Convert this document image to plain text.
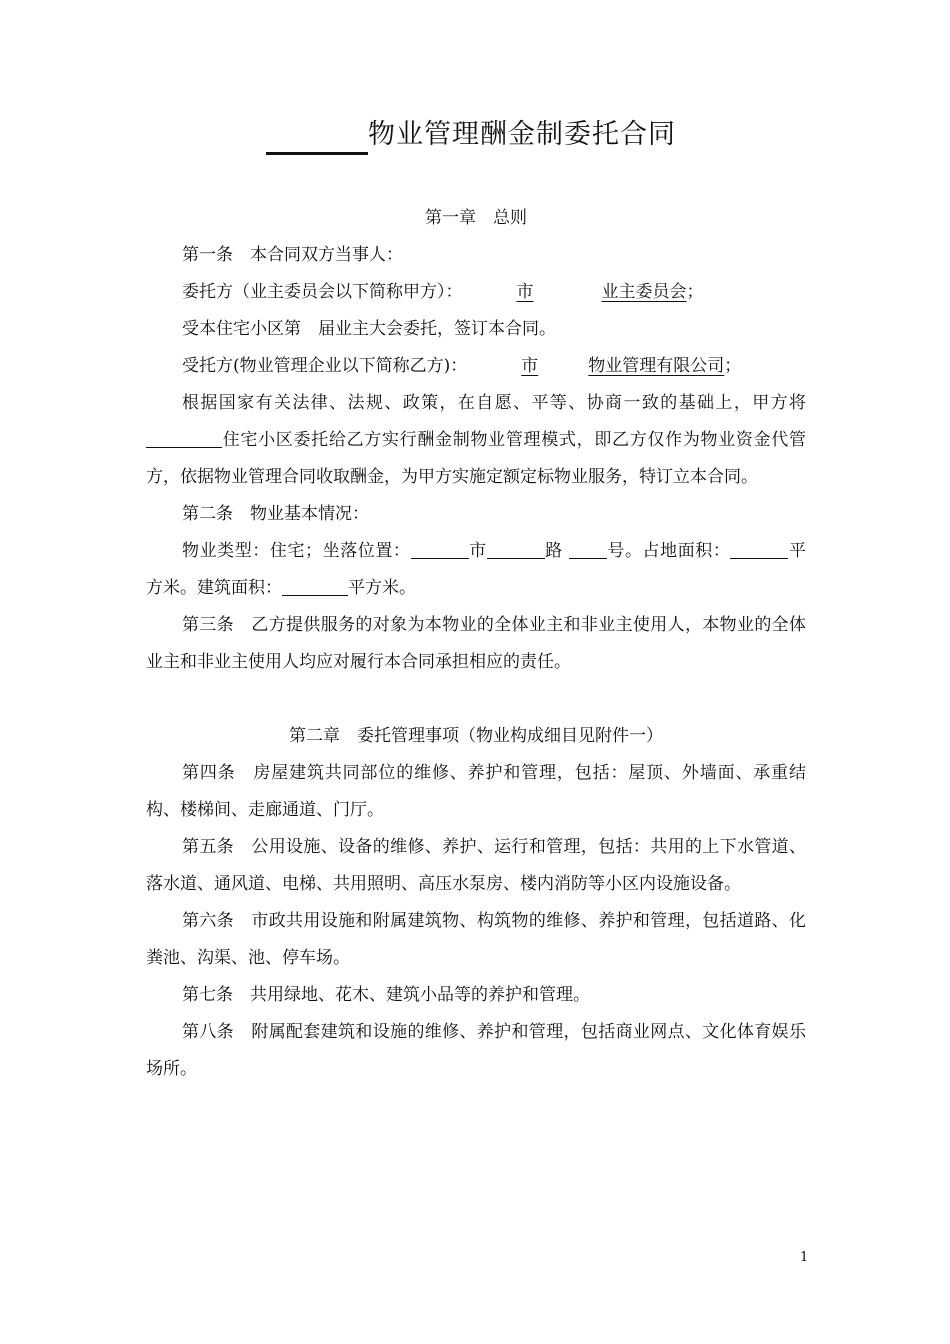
物业管理酬金制委托合同

第一章　总则

第一条　本合同双方当事人：

委托方（业主委员会以下简称甲方）：	市	业主委员会；

受本住宅小区第 届业主大会委托，签订本合同。

受托方(物业管理企业以下简称乙方)：	市	物业管理有限公司；

根据国家有关法律、法规、政策，在自愿、平等、协商一致的基础上，甲方将住宅小区委托给乙方实行酬金制物业管理模式，即乙方仅作为物业资金代管方，依据物业管理合同收取酬金，为甲方实施定额定标物业服务，特订立本合同。

第二条　物业基本情况：

物业类型：住宅；坐落位置：	市	路	号。占地面积：	平方米。建筑面积：	平方米。

第三条　乙方提供服务的对象为本物业的全体业主和非业主使用人，本物业的全体业主和非业主使用人均应对履行本合同承担相应的责任。

第二章　委托管理事项（物业构成细目见附件一）

第四条　房屋建筑共同部位的维修、养护和管理，包括：屋顶、外墙面、承重结构、楼梯间、走廊通道、门厅。

第五条　公用设施、设备的维修、养护、运行和管理，包括：共用的上下水管道、落水道、通风道、电梯、共用照明、高压水泵房、楼内消防等小区内设施设备。

第六条　市政共用设施和附属建筑物、构筑物的维修、养护和管理，包括道路、化粪池、沟渠、池、停车场。

第七条　共用绿地、花木、建筑小品等的养护和管理。

第八条　附属配套建筑和设施的维修、养护和管理，包括商业网点、文化体育娱乐场所。

1
